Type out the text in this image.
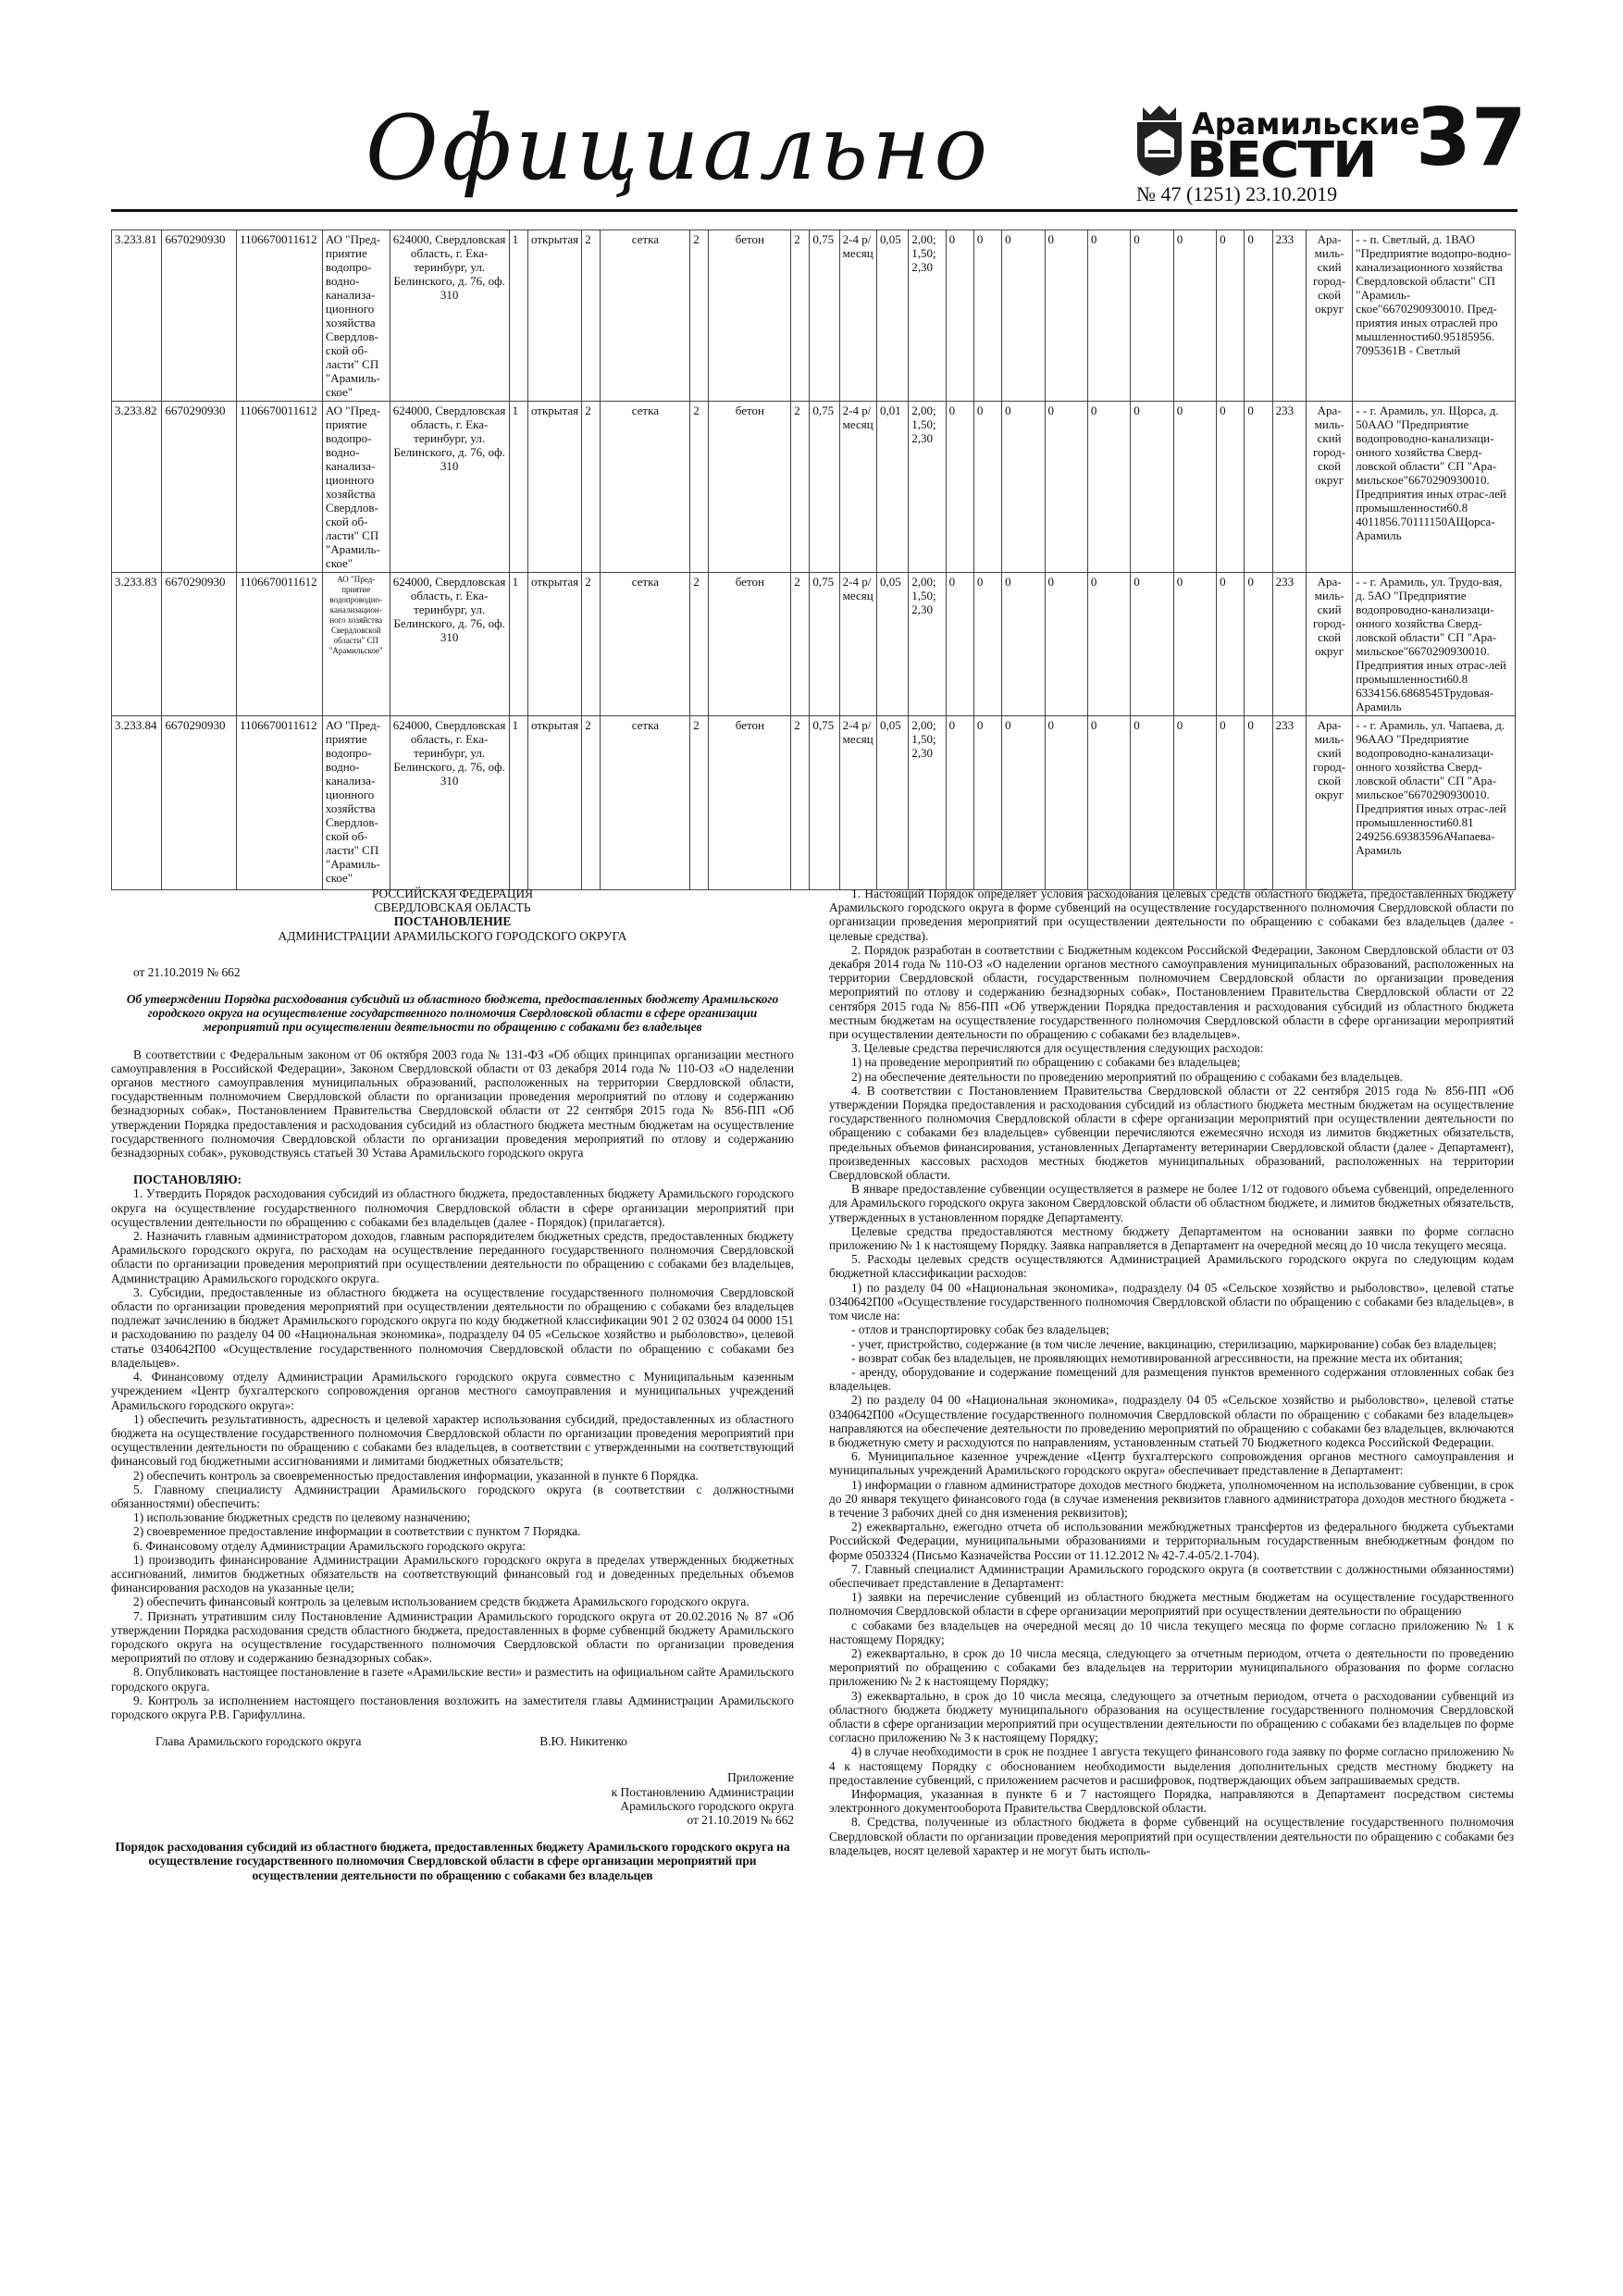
Официально	Арамильские
ВЕСТИ 37
№ 47 (1251) 23.10.2019
3.233.81	6670290930	1106670011612	АО "Пред-приятие водопро-водно-канализа-ционного хозяйства Свердлов-ской об-ласти" СП "Арамиль-ское"	624000, Свердловская область, г. Ека-теринбург, ул. Белинского, д. 76, оф. 310	1	открытая	2	сетка	2	бетон	2	0,75	2-4 р/месяц	0,05	2,00; 1,50; 2,30	0	0	0	0	0	0	0	0	0	233	Ара-миль-ский город-ской округ	- - п. Светлый, д. 1ВАО "Предприятие водопро-водно-канализационного хозяйства Свердловской области" СП "Арамиль-ское"6670290930010. Пред-приятия иных отраслей про мышленности60.95185956. 7095361В - Светлый
3.233.82	6670290930	1106670011612	АО "Пред-приятие водопро-водно-канализа-ционного хозяйства Свердлов-ской об-ласти" СП "Арамиль-ское"	624000, Свердловская область, г. Ека-теринбург, ул. Белинского, д. 76, оф. 310	1	открытая	2	сетка	2	бетон	2	0,75	2-4 р/месяц	0,01	2,00; 1,50; 2,30	0	0	0	0	0	0	0	0	0	233	Ара-миль-ский город-ской округ	- - г. Арамиль, ул. Щорса, д. 50ААО "Предприятие водопроводно-канализаци-онного хозяйства Сверд-ловской области" СП "Ара-мильское"6670290930010. Предприятия иных отрас-лей промышленности60.8 4011856.70111150АЩорса-Арамиль
3.233.83	6670290930	1106670011612	АО "Пред-приятие водопроводно-канализацион-ного хозяйства Свердловской области" СП "Арамильское"	624000, Свердловская область, г. Ека-теринбург, ул. Белинского, д. 76, оф. 310	1	открытая	2	сетка	2	бетон	2	0,75	2-4 р/месяц	0,05	2,00; 1,50; 2,30	0	0	0	0	0	0	0	0	0	233	Ара-миль-ский город-ской округ	- - г. Арамиль, ул. Трудо-вая, д. 5АО "Предприятие водопроводно-канализаци-онного хозяйства Сверд-ловской области" СП "Ара-мильское"6670290930010. Предприятия иных отрас-лей промышленности60.8 6334156.6868545Трудовая-Арамиль
3.233.84	6670290930	1106670011612	АО "Пред-приятие водопро-водно-канализа-ционного хозяйства Свердлов-ской об-ласти" СП "Арамиль-ское"	624000, Свердловская область, г. Ека-теринбург, ул. Белинского, д. 76, оф. 310	1	открытая	2	сетка	2	бетон	2	0,75	2-4 р/месяц	0,05	2,00; 1,50; 2,30	0	0	0	0	0	0	0	0	0	233	Ара-миль-ский город-ской округ	- - г. Арамиль, ул. Чапаева, д. 96ААО "Предприятие водопроводно-канализаци-онного хозяйства Сверд-ловской области" СП "Ара-мильское"6670290930010. Предприятия иных отрас-лей промышленности60.81 249256.69383596АЧапаева-Арамиль

РОССИЙСКАЯ ФЕДЕРАЦИЯ

СВЕРДЛОВСКАЯ ОБЛАСТЬ

ПОСТАНОВЛЕНИЕ

АДМИНИСТРАЦИИ АРАМИЛЬСКОГО ГОРОДСКОГО ОКРУГА

от 21.10.2019 № 662

Об утверждении Порядка расходования субсидий из областного бюджета, предоставленных бюджету Арамильского городского округа на осуществление государственного полномочия Свердловской области в сфере организации мероприятий при осуществлении деятельности по обращению с собаками без владельцев

В соответствии с Федеральным законом от 06 октября 2003 года № 131-ФЗ «Об общих принципах организации местного самоуправления в Российской Федерации», Законом Свердловской области от 03 декабря 2014 года № 110-ОЗ «О наделении органов местного самоуправления муниципальных образований, расположенных на территории Свердловской области, государственным полномочием Свердловской области по организации проведения мероприятий по отлову и содержанию безнадзорных собак», Постановлением Правительства Свердловской области от 22 сентября 2015 года № 856-ПП «Об утверждении Порядка предоставления и расходования субсидий из областного бюджета местным бюджетам на осуществление государственного полномочия Свердловской области по организации проведения мероприятий по отлову и содержанию безнадзорных собак», руководствуясь статьей 30 Устава Арамильского городского округа

ПОСТАНОВЛЯЮ:

1. Утвердить Порядок расходования субсидий из областного бюджета, предоставленных бюджету Арамильского городского округа на осуществление государственного полномочия Свердловской области в сфере организации мероприятий при осуществлении деятельности по обращению с собаками без владельцев (далее - Порядок) (прилагается).

2. Назначить главным администратором доходов, главным распорядителем бюджетных средств, предоставленных бюджету Арамильского городского округа, по расходам на осуществление переданного государственного полномочия Свердловской области по организации проведения мероприятий при осуществлении деятельности по обращению с собаками без владельцев, Администрацию Арамильского городского округа.

3. Субсидии, предоставленные из областного бюджета на осуществление государственного полномочия Свердловской области по организации проведения мероприятий при осуществлении деятельности по обращению с собаками без владельцев подлежат зачислению в бюджет Арамильского городского округа по коду бюджетной классификации 901 2 02 03024 04 0000 151 и расходованию по разделу 04 00 «Национальная экономика», подразделу 04 05 «Сельское хозяйство и рыболовство», целевой статье 0340642П00 «Осуществление государственного полномочия Свердловской области по обращению с собаками без владельцев».

4. Финансовому отделу Администрации Арамильского городского округа совместно с Муниципальным казенным учреждением «Центр бухгалтерского сопровождения органов местного самоуправления и муниципальных учреждений Арамильского городского округа»:

1) обеспечить результативность, адресность и целевой характер использования субсидий, предоставленных из областного бюджета на осуществление государственного полномочия Свердловской области по организации проведения мероприятий при осуществлении деятельности по обращению с собаками без владельцев, в соответствии с утвержденными на соответствующий финансовый год бюджетными ассигнованиями и лимитами бюджетных обязательств;

2) обеспечить контроль за своевременностью предоставления информации, указанной в пункте 6 Порядка.

5. Главному специалисту Администрации Арамильского городского округа (в соответствии с должностными обязанностями) обеспечить:

1) использование бюджетных средств по целевому назначению;

2) своевременное предоставление информации в соответствии с пунктом 7 Порядка.

6. Финансовому отделу Администрации Арамильского городского округа:

1) производить финансирование Администрации Арамильского городского округа в пределах утвержденных бюджетных ассигнований, лимитов бюджетных обязательств на соответствующий финансовый год и доведенных предельных объемов финансирования расходов на указанные цели;

2) обеспечить финансовый контроль за целевым использованием средств бюджета Арамильского городского округа.

7. Признать утратившим силу Постановление Администрации Арамильского городского округа от 20.02.2016 № 87 «Об утверждении Порядка расходования средств областного бюджета, предоставленных в форме субвенций бюджету Арамильского городского округа на осуществление государственного полномочия Свердловской области по организации проведения мероприятий по отлову и содержанию безнадзорных собак».

8. Опубликовать настоящее постановление в газете «Арамильские вести» и разместить на официальном сайте Арамильского городского округа.

9. Контроль за исполнением настоящего постановления возложить на заместителя главы Администрации Арамильского городского округа Р.В. Гарифуллина.

Глава Арамильского городского округа	В.Ю. Никитенко

Приложение

к Постановлению Администрации

Арамильского городского округа

от 21.10.2019 № 662

Порядок расходования субсидий из областного бюджета, предоставленных бюджету Арамильского городского округа на осуществление государственного полномочия Свердловской области в сфере организации мероприятий при осуществлении деятельности по обращению с собаками без владельцев

1. Настоящий Порядок определяет условия расходования целевых средств областного бюджета, предоставленных бюджету Арамильского городского округа в форме субвенций на осуществление государственного полномочия Свердловской области по организации проведения мероприятий при осуществлении деятельности по обращению с собаками без владельцев (далее - целевые средства).

2. Порядок разработан в соответствии с Бюджетным кодексом Российской Федерации, Законом Свердловской области от 03 декабря 2014 года № 110-ОЗ «О наделении органов местного самоуправления муниципальных образований, расположенных на территории Свердловской области, государственным полномочием Свердловской области по организации проведения мероприятий по отлову и содержанию безнадзорных собак», Постановлением Правительства Свердловской области от 22 сентября 2015 года № 856-ПП «Об утверждении Порядка предоставления и расходования субсидий из областного бюджета местным бюджетам на осуществление государственного полномочия Свердловской области в сфере организации мероприятий при осуществлении деятельности по обращению с собаками без владельцев».

3. Целевые средства перечисляются для осуществления следующих расходов:

1) на проведение мероприятий по обращению с собаками без владельцев;

2) на обеспечение деятельности по проведению мероприятий по обращению с собаками без владельцев.

4. В соответствии с Постановлением Правительства Свердловской области от 22 сентября 2015 года № 856-ПП «Об утверждении Порядка предоставления и расходования субсидий из областного бюджета местным бюджетам на осуществление государственного полномочия Свердловской области в сфере организации мероприятий при осуществлении деятельности по обращению с собаками без владельцев» субвенции перечисляются ежемесячно исходя из лимитов бюджетных обязательств, предельных объемов финансирования, установленных Департаменту ветеринарии Свердловской области (далее - Департамент), произведенных кассовых расходов местных бюджетов муниципальных образований, расположенных на территории Свердловской области.

В январе предоставление субвенции осуществляется в размере не более 1/12 от годового объема субвенций, определенного для Арамильского городского округа законом Свердловской области об областном бюджете, и лимитов бюджетных обязательств, утвержденных в установленном порядке Департаменту.

Целевые средства предоставляются местному бюджету Департаментом на основании заявки по форме согласно приложению № 1 к настоящему Порядку. Заявка направляется в Департамент на очередной месяц до 10 числа текущего месяца.

5. Расходы целевых средств осуществляются Администрацией Арамильского городского округа по следующим кодам бюджетной классификации расходов:

1) по разделу 04 00 «Национальная экономика», подразделу 04 05 «Сельское хозяйство и рыболовство», целевой статье 0340642П00 «Осуществление государственного полномочия Свердловской области по обращению с собаками без владельцев», в том числе на:

- отлов и транспортировку собак без владельцев;

- учет, пристройство, содержание (в том числе лечение, вакцинацию, стерилизацию, маркирование) собак без владельцев;

- возврат собак без владельцев, не проявляющих немотивированной агрессивности, на прежние места их обитания;

- аренду, оборудование и содержание помещений для размещения пунктов временного содержания отловленных собак без владельцев.

2) по разделу 04 00 «Национальная экономика», подразделу 04 05 «Сельское хозяйство и рыболовство», целевой статье 0340642П00 «Осуществление государственного полномочия Свердловской области по обращению с собаками без владельцев» направляются на обеспечение деятельности по проведению мероприятий по обращению с собаками без владельцев, включаются в бюджетную смету и расходуются по направлениям, установленным статьей 70 Бюджетного кодекса Российской Федерации.

6. Муниципальное казенное учреждение «Центр бухгалтерского сопровождения органов местного самоуправления и муниципальных учреждений Арамильского городского округа» обеспечивает представление в Департамент:

1) информации о главном администраторе доходов местного бюджета, уполномоченном на использование субвенции, в срок до 20 января текущего финансового года (в случае изменения реквизитов главного администратора доходов местного бюджета - в течение 3 рабочих дней со дня изменения реквизитов);

2) ежеквартально, ежегодно отчета об использовании межбюджетных трансфертов из федерального бюджета субъектами Российской Федерации, муниципальными образованиями и территориальным государственным внебюджетным фондом по форме 0503324 (Письмо Казначейства России от 11.12.2012 № 42-7.4-05/2.1-704).

7. Главный специалист Администрации Арамильского городского округа (в соответствии с должностными обязанностями) обеспечивает представление в Департамент:

1) заявки на перечисление субвенций из областного бюджета местным бюджетам на осуществление государственного полномочия Свердловской области в сфере организации мероприятий при осуществлении деятельности по обращению

с собаками без владельцев на очередной месяц до 10 числа текущего месяца по форме согласно приложению № 1 к настоящему Порядку;

2) ежеквартально, в срок до 10 числа месяца, следующего за отчетным периодом, отчета о деятельности по проведению мероприятий по обращению с собаками без владельцев на территории муниципального образования по форме согласно приложению № 2 к настоящему Порядку;

3) ежеквартально, в срок до 10 числа месяца, следующего за отчетным периодом, отчета о расходовании субвенций из областного бюджета бюджету муниципального образования на осуществление государственного полномочия Свердловской области в сфере организации мероприятий при осуществлении деятельности по обращению с собаками без владельцев по форме согласно приложению № 3 к настоящему Порядку;

4) в случае необходимости в срок не позднее 1 августа текущего финансового года заявку по форме согласно приложению № 4 к настоящему Порядку с обоснованием необходимости выделения дополнительных средств местному бюджету на предоставление субвенций, с приложением расчетов и расшифровок, подтверждающих объем запрашиваемых средств.

Информация, указанная в пункте 6 и 7 настоящего Порядка, направляются в Департамент посредством системы электронного документооборота Правительства Свердловской области.

8. Средства, полученные из областного бюджета в форме субвенций на осуществление государственного полномочия Свердловской области по организации проведения мероприятий при осуществлении деятельности по обращению с собаками без владельцев, носят целевой характер и не могут быть исполь-
